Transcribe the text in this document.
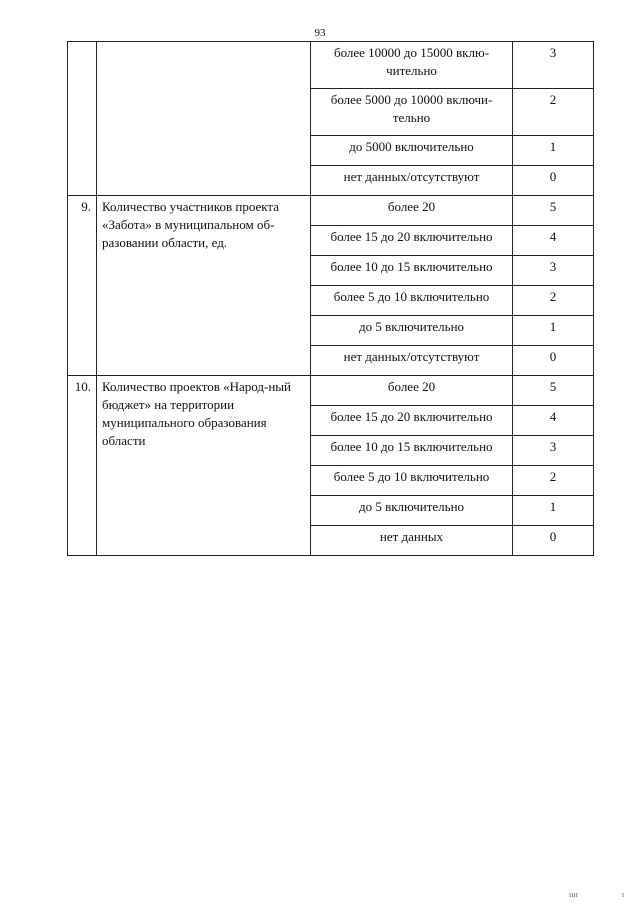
93
		более 10000 до 15000 вклю-чительно	3
		более 5000 до 10000 включи-тельно	2
		до 5000 включительно	1
		нет данных/отсутствуют	0
9.	Количество участников проекта «Забота» в муниципальном об-разовании области, ед.	более 20	5
		более 15 до 20 включительно	4
		более 10 до 15 включительно	3
		более 5 до 10 включительно	2
		до 5 включительно	1
		нет данных/отсутствуют	0
10.	Количество проектов «Народ-ный бюджет» на территории муниципального образования области	более 20	5
		более 15 до 20 включительно	4
		более 10 до 15 включительно	3
		более 5 до 10 включительно	2
		до 5 включительно	1
		нет данных	0
ıııı	ı
